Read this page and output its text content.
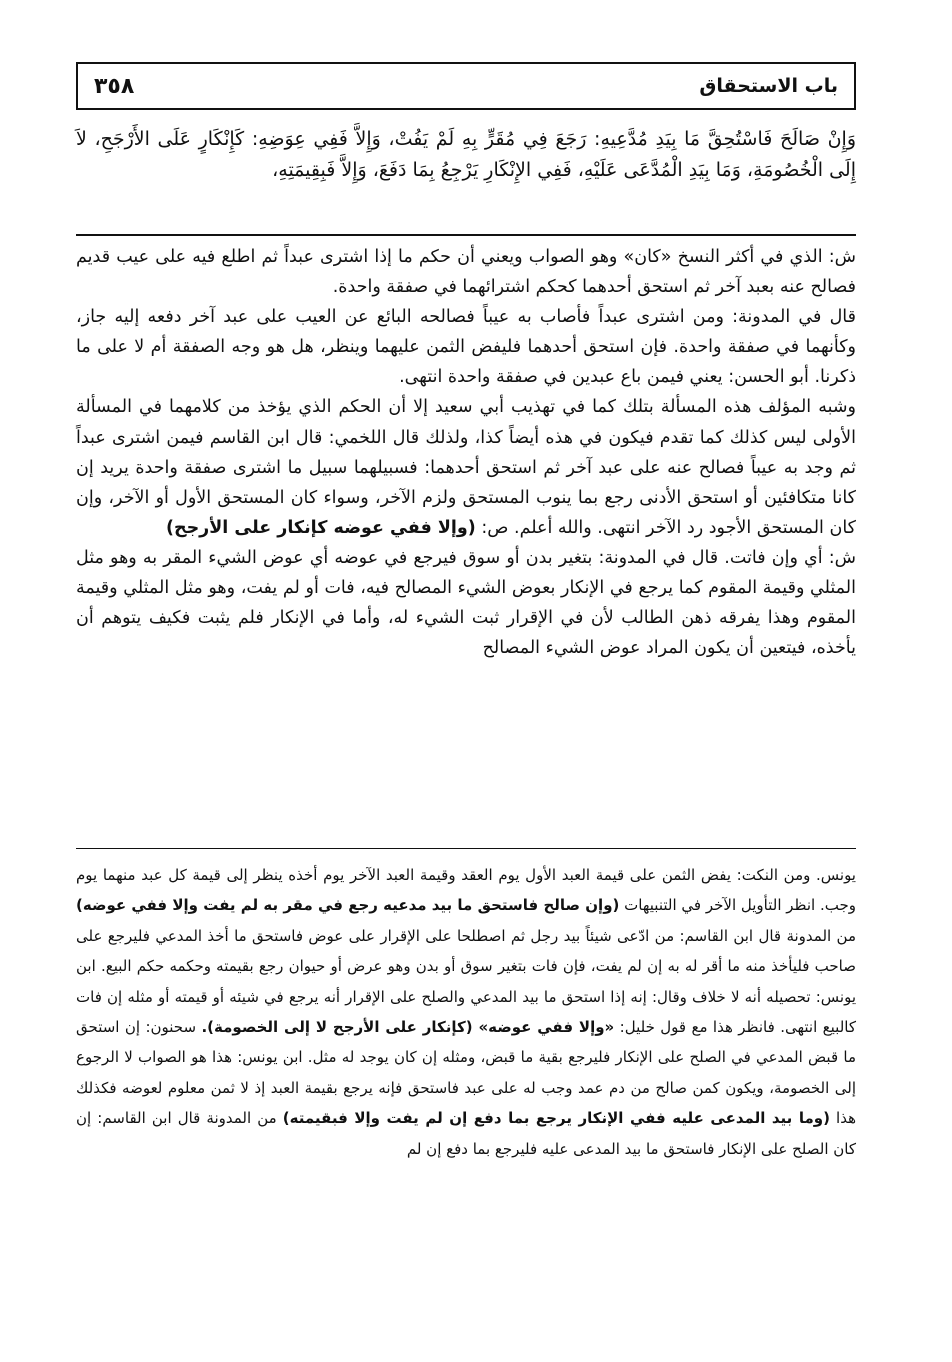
٣٥٨	باب الاستحقاق
وَإِنْ صَالَحَ فَاسْتُحِقَّ مَا بِيَدِ مُدَّعِيهِ: رَجَعَ فِي مُقَرٍّ بِهِ لَمْ يَفُتْ، وَإِلاَّ فَفِي عِوَضِهِ: كَإِنْكَارٍ عَلَى الأَرْجَحِ، لاَ إِلَى الْخُصُومَةِ، وَمَا بِيَدِ الْمُدَّعَى عَلَيْهِ، فَفِي الإِنْكَارِ يَرْجِعُ بِمَا دَفَعَ، وَإِلاَّ فَبِقِيمَتِهِ،

ش: الذي في أكثر النسخ «كان» وهو الصواب ويعني أن حكم ما إذا اشترى عبداً ثم اطلع فيه على عيب قديم فصالح عنه بعبد آخر ثم استحق أحدهما كحكم اشترائهما في صفقة واحدة.

قال في المدونة: ومن اشترى عبداً فأصاب به عيباً فصالحه البائع عن العيب على عبد آخر دفعه إليه جاز، وكأنهما في صفقة واحدة. فإن استحق أحدهما فليفض الثمن عليهما وينظر، هل هو وجه الصفقة أم لا على ما ذكرنا. أبو الحسن: يعني فيمن باع عبدين في صفقة واحدة انتهى.

وشبه المؤلف هذه المسألة بتلك كما في تهذيب أبي سعيد إلا أن الحكم الذي يؤخذ من كلامهما في المسألة الأولى ليس كذلك كما تقدم فيكون في هذه أيضاً كذا، ولذلك قال اللخمي: قال ابن القاسم فيمن اشترى عبداً ثم وجد به عيباً فصالح عنه على عبد آخر ثم استحق أحدهما: فسبيلهما سبيل ما اشترى صفقة واحدة يريد إن كانا متكافئين أو استحق الأدنى رجع بما ينوب المستحق ولزم الآخر، وسواء كان المستحق الأول أو الآخر، وإن كان المستحق الأجود رد الآخر انتهى. والله أعلم. ص: (وإلا ففي عوضه كإنكار على الأرجح)

ش: أي وإن فاتت. قال في المدونة: بتغير بدن أو سوق فيرجع في عوضه أي عوض الشيء المقر به وهو مثل المثلي وقيمة المقوم كما يرجع في الإنكار بعوض الشيء المصالح فيه، فات أو لم يفت، وهو مثل المثلي وقيمة المقوم وهذا يفرقه ذهن الطالب لأن في الإقرار ثبت الشيء له، وأما في الإنكار فلم يثبت فكيف يتوهم أن يأخذه، فيتعين أن يكون المراد عوض الشيء المصالح

يونس. ومن النكت: يفض الثمن على قيمة العبد الأول يوم العقد وقيمة العبد الآخر يوم أخذه ينظر إلى قيمة كل عبد منهما يوم وجب. انظر التأويل الآخر في التنبيهات (وإن صالح فاستحق ما بيد مدعيه رجع في مقر به لم يفت وإلا ففي عوضه) من المدونة قال ابن القاسم: من ادّعى شيئاً بيد رجل ثم اصطلحا على الإقرار على عوض فاستحق ما أخذ المدعي فليرجع على صاحب فليأخذ منه ما أقر له به إن لم يفت، فإن فات بتغير سوق أو بدن وهو عرض أو حيوان رجع بقيمته وحكمه حكم البيع. ابن يونس: تحصيله أنه لا خلاف وقال: إنه إذا استحق ما بيد المدعي والصلح على الإقرار أنه يرجع في شيئه أو قيمته أو مثله إن فات كالبيع انتهى. فانظر هذا مع قول خليل: «وإلا ففي عوضه» (كإنكار على الأرجح لا إلى الخصومة). سحنون: إن استحق ما قبض المدعي في الصلح على الإنكار فليرجع بقية ما قبض، ومثله إن كان يوجد له مثل. ابن يونس: هذا هو الصواب لا الرجوع إلى الخصومة، ويكون كمن صالح من دم عمد وجب له على عبد فاستحق فإنه يرجع بقيمة العبد إذ لا ثمن معلوم لعوضه فكذلك هذا (وما بيد المدعى عليه ففي الإنكار يرجع بما دفع إن لم يفت وإلا فبقيمته) من المدونة قال ابن القاسم: إن كان الصلح على الإنكار فاستحق ما بيد المدعى عليه فليرجع بما دفع إن لم
